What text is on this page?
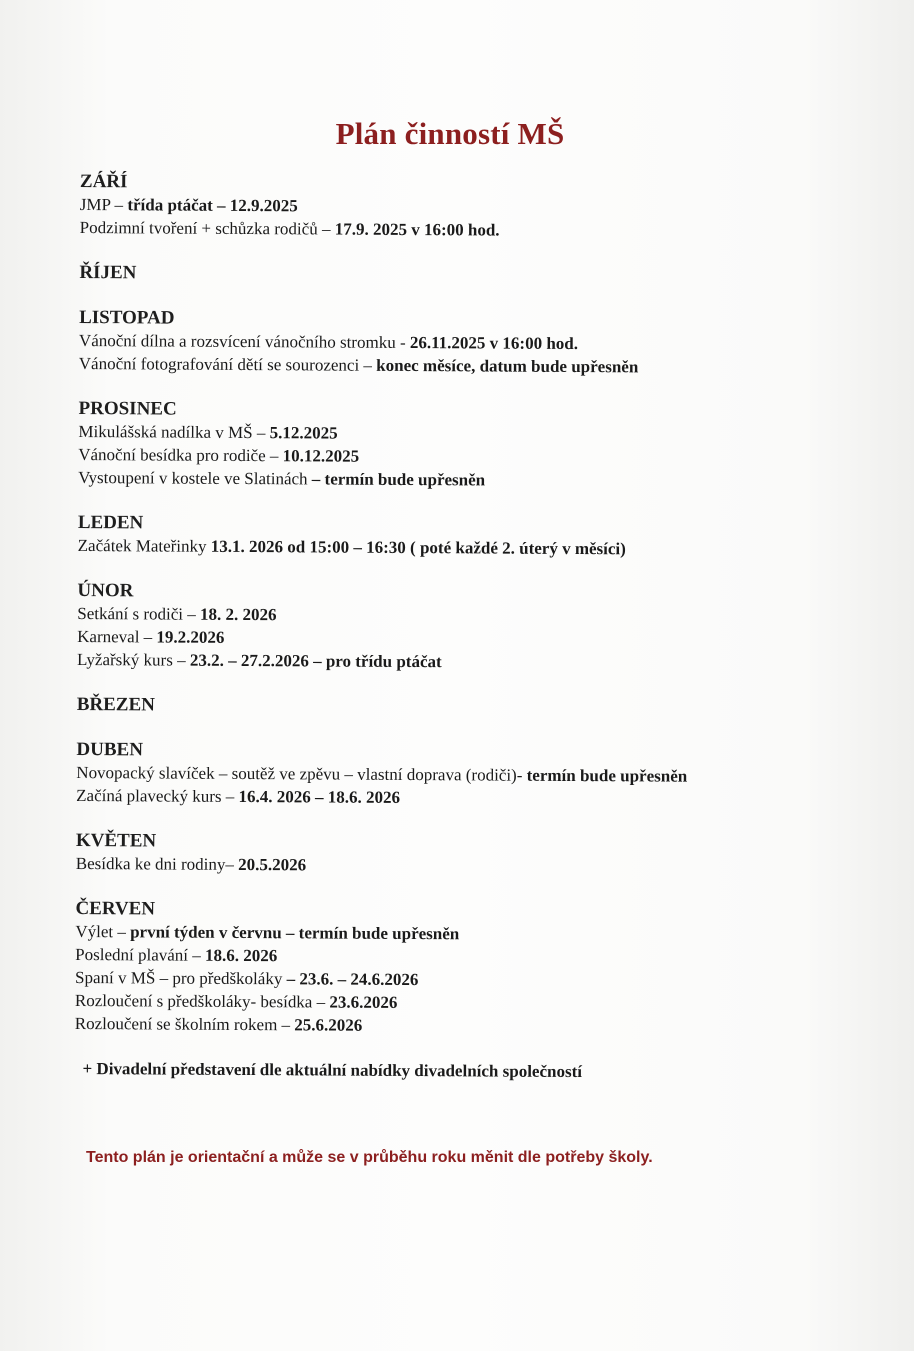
Plán činností MŠ
ZÁŘÍ
JMP – třída ptáčat – 12.9.2025
Podzimní tvoření + schůzka rodičů – 17.9. 2025 v 16:00 hod.
ŘÍJEN
LISTOPAD
Vánoční dílna a rozsvícení vánočního stromku - 26.11.2025 v 16:00 hod.
Vánoční fotografování dětí se sourozenci – konec měsíce, datum bude upřesněn
PROSINEC
Mikulášská nadílka v MŠ – 5.12.2025
Vánoční besídka pro rodiče – 10.12.2025
Vystoupení v kostele ve Slatinách – termín bude upřesněn
LEDEN
Začátek Mateřinky 13.1. 2026 od 15:00 – 16:30 ( poté každé 2. úterý v měsíci)
ÚNOR
Setkání s rodiči – 18. 2. 2026
Karneval – 19.2.2026
Lyžařský kurs – 23.2. – 27.2.2026 – pro třídu ptáčat
BŘEZEN
DUBEN
Novopacký slavíček – soutěž ve zpěvu – vlastní doprava (rodiči)- termín bude upřesněn
Začíná plavecký kurs – 16.4. 2026 – 18.6. 2026
KVĚTEN
Besídka ke dni rodiny– 20.5.2026
ČERVEN
Výlet – první týden v červnu – termín bude upřesněn
Poslední plavání – 18.6. 2026
Spaní v MŠ – pro předškoláky – 23.6. – 24.6.2026
Rozloučení s předškoláky- besídka – 23.6.2026
Rozloučení se školním rokem – 25.6.2026
+ Divadelní představení dle aktuální nabídky divadelních společností
Tento plán je orientační a může se v průběhu roku měnit dle potřeby školy.
